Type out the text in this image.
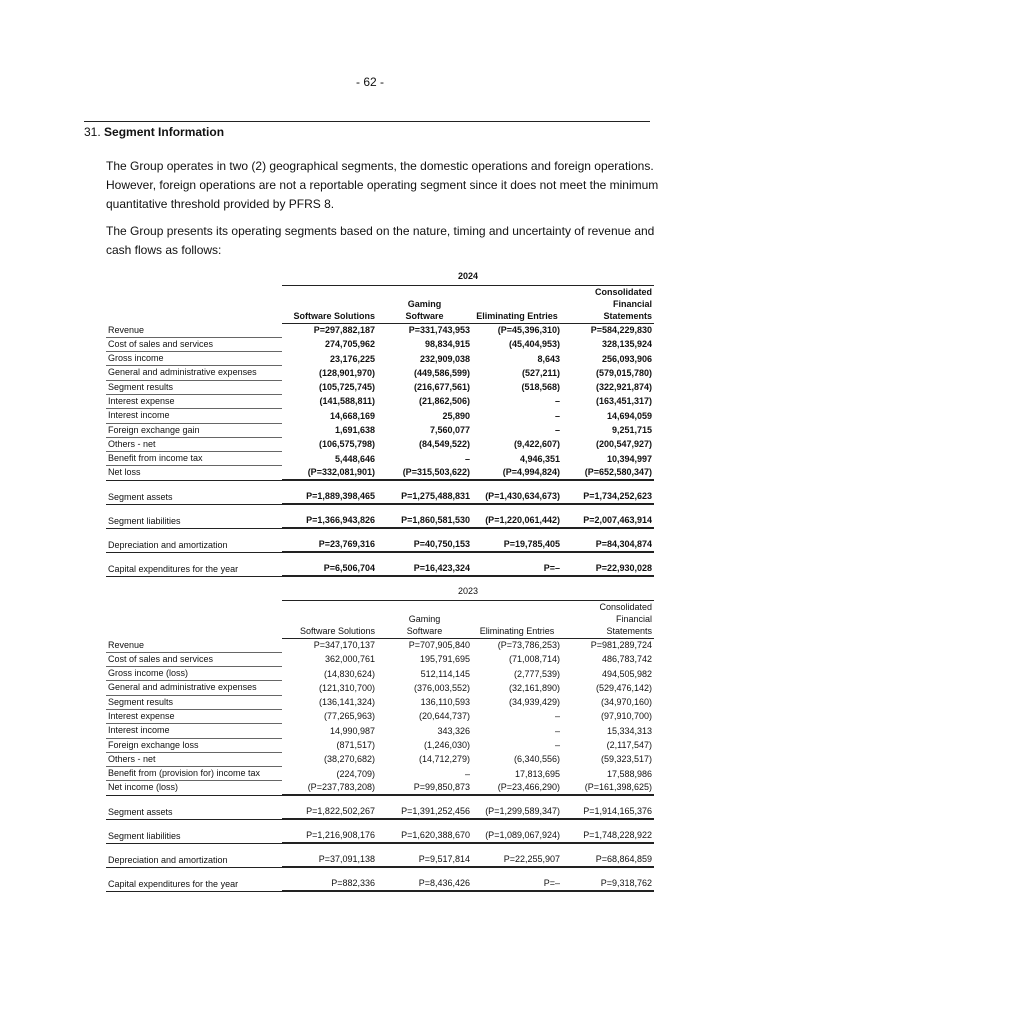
- 62 -
31. Segment Information

The Group operates in two (2) geographical segments, the domestic operations and foreign operations. However, foreign operations are not a reportable operating segment since it does not meet the minimum quantitative threshold provided by PFRS 8.

The Group presents its operating segments based on the nature, timing and uncertainty of revenue and cash flows as follows:

	2024			
				Consolidated
		Gaming		Financial
	Software Solutions	Software	Eliminating Entries	Statements
Revenue	P=297,882,187	P=331,743,953	(P=45,396,310)	P=584,229,830
Cost of sales and services	274,705,962	98,834,915	(45,404,953)	328,135,924
Gross income	23,176,225	232,909,038	8,643	256,093,906
General and administrative expenses	(128,901,970)	(449,586,599)	(527,211)	(579,015,780)
Segment results	(105,725,745)	(216,677,561)	(518,568)	(322,921,874)
Interest expense	(141,588,811)	(21,862,506)	–	(163,451,317)
Interest income	14,668,169	25,890	–	14,694,059
Foreign exchange gain	1,691,638	7,560,077	–	9,251,715
Others - net	(106,575,798)	(84,549,522)	(9,422,607)	(200,547,927)
Benefit from income tax	5,448,646	–	4,946,351	10,394,997
Net loss	(P=332,081,901)	(P=315,503,622)	(P=4,994,824)	(P=652,580,347)
Segment assets	P=1,889,398,465	P=1,275,488,831	(P=1,430,634,673)	P=1,734,252,623
Segment liabilities	P=1,366,943,826	P=1,860,581,530	(P=1,220,061,442)	P=2,007,463,914
Depreciation and amortization	P=23,769,316	P=40,750,153	P=19,785,405	P=84,304,874
Capital expenditures for the year	P=6,506,704	P=16,423,324	P=–	P=22,930,028
	2023			
				Consolidated
		Gaming		Financial
	Software Solutions	Software	Eliminating Entries	Statements
Revenue	P=347,170,137	P=707,905,840	(P=73,786,253)	P=981,289,724
Cost of sales and services	362,000,761	195,791,695	(71,008,714)	486,783,742
Gross income (loss)	(14,830,624)	512,114,145	(2,777,539)	494,505,982
General and administrative expenses	(121,310,700)	(376,003,552)	(32,161,890)	(529,476,142)
Segment results	(136,141,324)	136,110,593	(34,939,429)	(34,970,160)
Interest expense	(77,265,963)	(20,644,737)	–	(97,910,700)
Interest income	14,990,987	343,326	–	15,334,313
Foreign exchange loss	(871,517)	(1,246,030)	–	(2,117,547)
Others - net	(38,270,682)	(14,712,279)	(6,340,556)	(59,323,517)
Benefit from (provision for) income tax	(224,709)	–	17,813,695	17,588,986
Net income (loss)	(P=237,783,208)	P=99,850,873	(P=23,466,290)	(P=161,398,625)
Segment assets	P=1,822,502,267	P=1,391,252,456	(P=1,299,589,347)	P=1,914,165,376
Segment liabilities	P=1,216,908,176	P=1,620,388,670	(P=1,089,067,924)	P=1,748,228,922
Depreciation and amortization	P=37,091,138	P=9,517,814	P=22,255,907	P=68,864,859
Capital expenditures for the year	P=882,336	P=8,436,426	P=–	P=9,318,762
